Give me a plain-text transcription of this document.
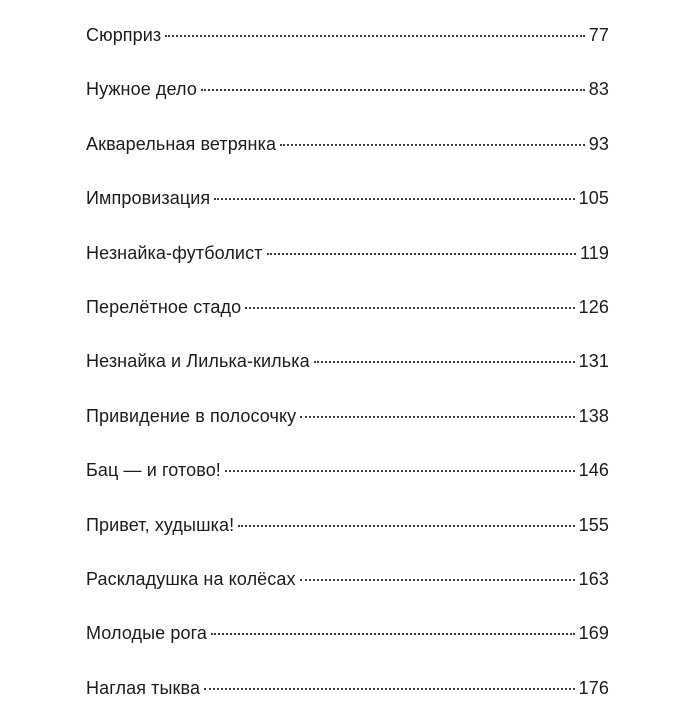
Сюрприз	77
Нужное дело	83
Акварельная ветрянка	93
Импровизация	105
Незнайка-футболист	119
Перелётное стадо	126
Незнайка и Лилька-килька	131
Привидение в полосочку	138
Бац — и готово!	146
Привет, худышка!	155
Раскладушка на колёсах	163
Молодые рога	169
Наглая тыква	176
